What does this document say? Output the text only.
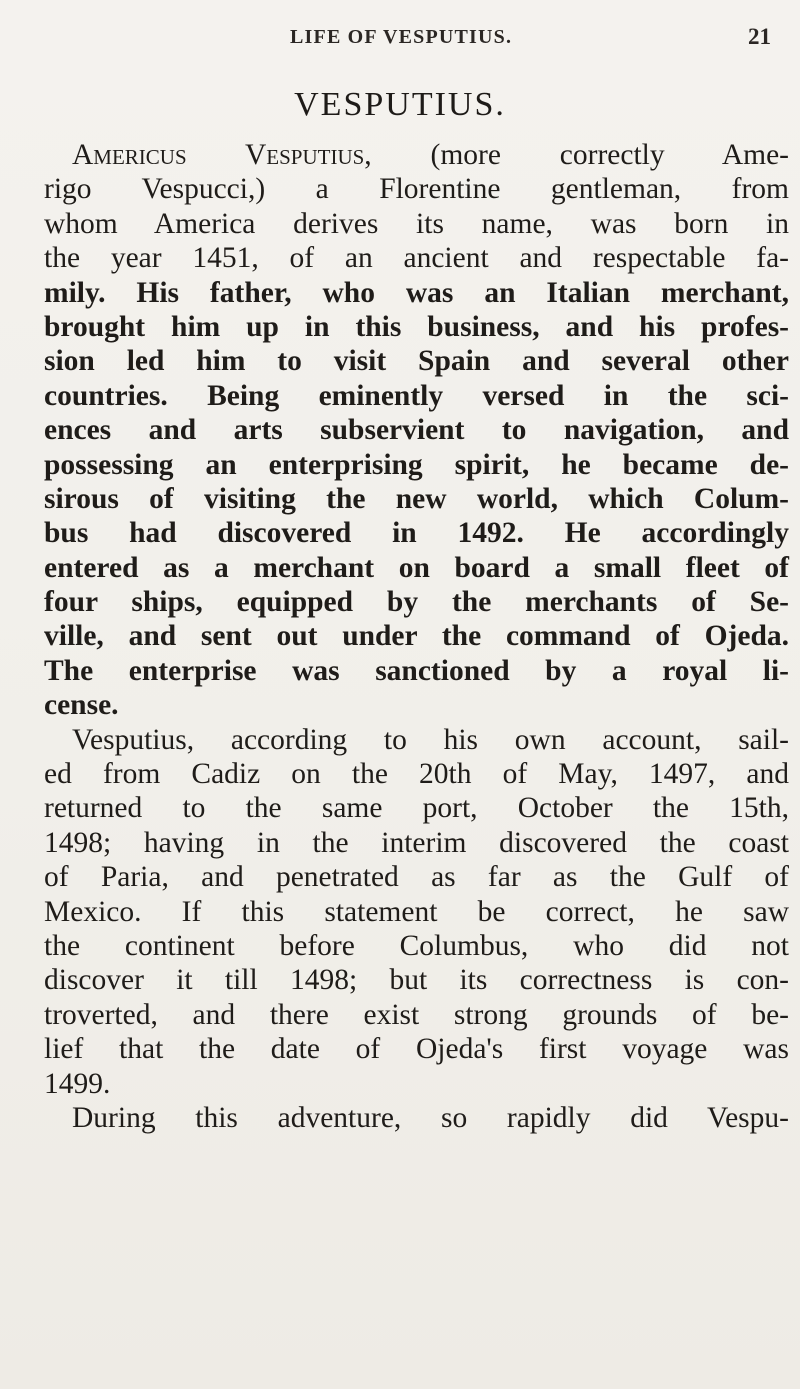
LIFE OF VESPUTIUS.	21
VESPUTIUS.
Americus Vesputius, (more correctly Ame-
rigo Vespucci,) a Florentine gentleman, from
whom America derives its name, was born in
the year 1451, of an ancient and respectable fa-
mily. His father, who was an Italian merchant,
brought him up in this business, and his profes-
sion led him to visit Spain and several other
countries. Being eminently versed in the sci-
ences and arts subservient to navigation, and
possessing an enterprising spirit, he became de-
sirous of visiting the new world, which Colum-
bus had discovered in 1492. He accordingly
entered as a merchant on board a small fleet of
four ships, equipped by the merchants of Se-
ville, and sent out under the command of Ojeda.
The enterprise was sanctioned by a royal li-
cense.
Vesputius, according to his own account, sail-
ed from Cadiz on the 20th of May, 1497, and
returned to the same port, October the 15th,
1498; having in the interim discovered the coast
of Paria, and penetrated as far as the Gulf of
Mexico. If this statement be correct, he saw
the continent before Columbus, who did not
discover it till 1498; but its correctness is con-
troverted, and there exist strong grounds of be-
lief that the date of Ojeda's first voyage was
1499.
During this adventure, so rapidly did Vespu-
